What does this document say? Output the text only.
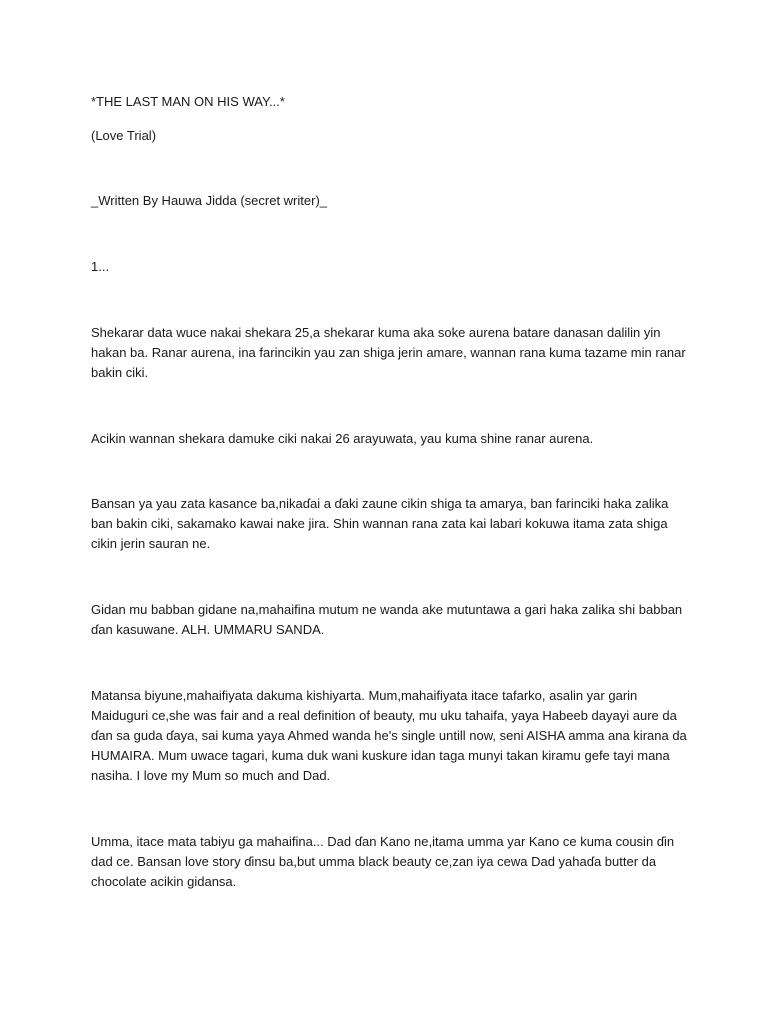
*THE LAST MAN ON HIS WAY...*

(Love Trial)

_Written By Hauwa Jidda (secret writer)_

1...

Shekarar data wuce nakai shekara 25,a shekarar kuma aka soke aurena batare danasan dalilin yin hakan ba. Ranar aurena, ina farincikin yau zan shiga jerin amare, wannan rana kuma tazame min ranar bakin ciki.

Acikin wannan shekara damuke ciki nakai 26 arayuwata, yau kuma shine ranar aurena.

Bansan ya yau zata kasance ba,nikaɗai a ɗaki zaune cikin shiga ta amarya, ban farinciki haka zalika ban bakin ciki, sakamako kawai nake jira. Shin wannan rana zata kai labari kokuwa itama zata shiga cikin jerin sauran ne.

Gidan mu babban gidane na,mahaifina mutum ne wanda ake mutuntawa a gari haka zalika shi babban ɗan kasuwane. ALH. UMMARU SANDA.

Matansa biyune,mahaifiyata dakuma kishiyarta. Mum,mahaifiyata itace tafarko, asalin yar garin Maiduguri ce,she was fair and a real definition of beauty, mu uku tahaifa, yaya Habeeb dayayi aure da ɗan sa guda ɗaya, sai kuma yaya Ahmed wanda he's single untill now, seni AISHA amma ana kirana da HUMAIRA. Mum uwace tagari, kuma duk wani kuskure idan taga munyi takan kiramu gefe tayi mana nasiha. I love my Mum so much and Dad.

Umma, itace mata tabiyu ga mahaifina... Dad ɗan Kano ne,itama umma yar Kano ce kuma cousin ɗin dad ce. Bansan love story ɗinsu ba,but umma black beauty ce,zan iya cewa Dad yahaɗa butter da chocolate acikin gidansa.
